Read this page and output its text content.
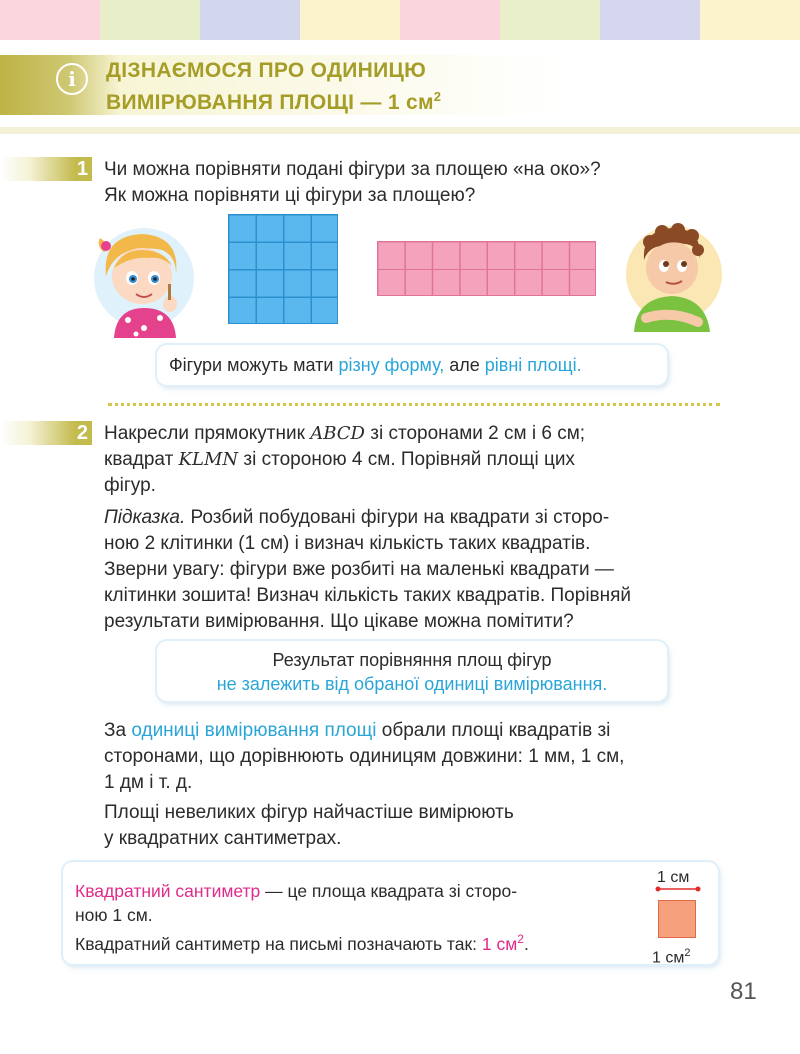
i	ДІЗНАЄМОСЯ ПРО ОДИНИЦЮ
ВИМІРЮВАННЯ ПЛОЩІ — 1 $см^2$
1 Чи можна порівняти подані фігури за площею «на око»?

Як можна порівняти ці фігури за площею?

Фігури можуть мати різну форму, але рівні площі.
2 Накресли прямокутник ABCD зі сторонами 2 см і 6 см;

квадрат KLMN зі стороною 4 см. Порівняй площі цих

фігур.

Підказка. Розбий побудовані фігури на квадрати зі сторо-

ною 2 клітинки (1 см) і визнач кількість таких квадратів.

Зверни увагу: фігури вже розбиті на маленькі квадрати —

клітинки зошита! Визнач кількість таких квадратів. Порівняй

результати вимірювання. Що цікаве можна помітити?

Результат порівняння площ фігур
не залежить від обраної одиниці вимірювання.

За одиниці вимірювання площі обрали площі квадратів зі

сторонами, що дорівнюють одиницям довжини: 1 мм, 1 см,

1 дм і т. д.

Площі невеликих фігур найчастіше вимірюють

у квадратних сантиметрах.

Квадратний сантиметр — це площа квадрата зі сторо-
ною 1 см.
Квадратний сантиметр на письмі позначають так: 1 $см^2$.
1 см
1 $см^2$
81
